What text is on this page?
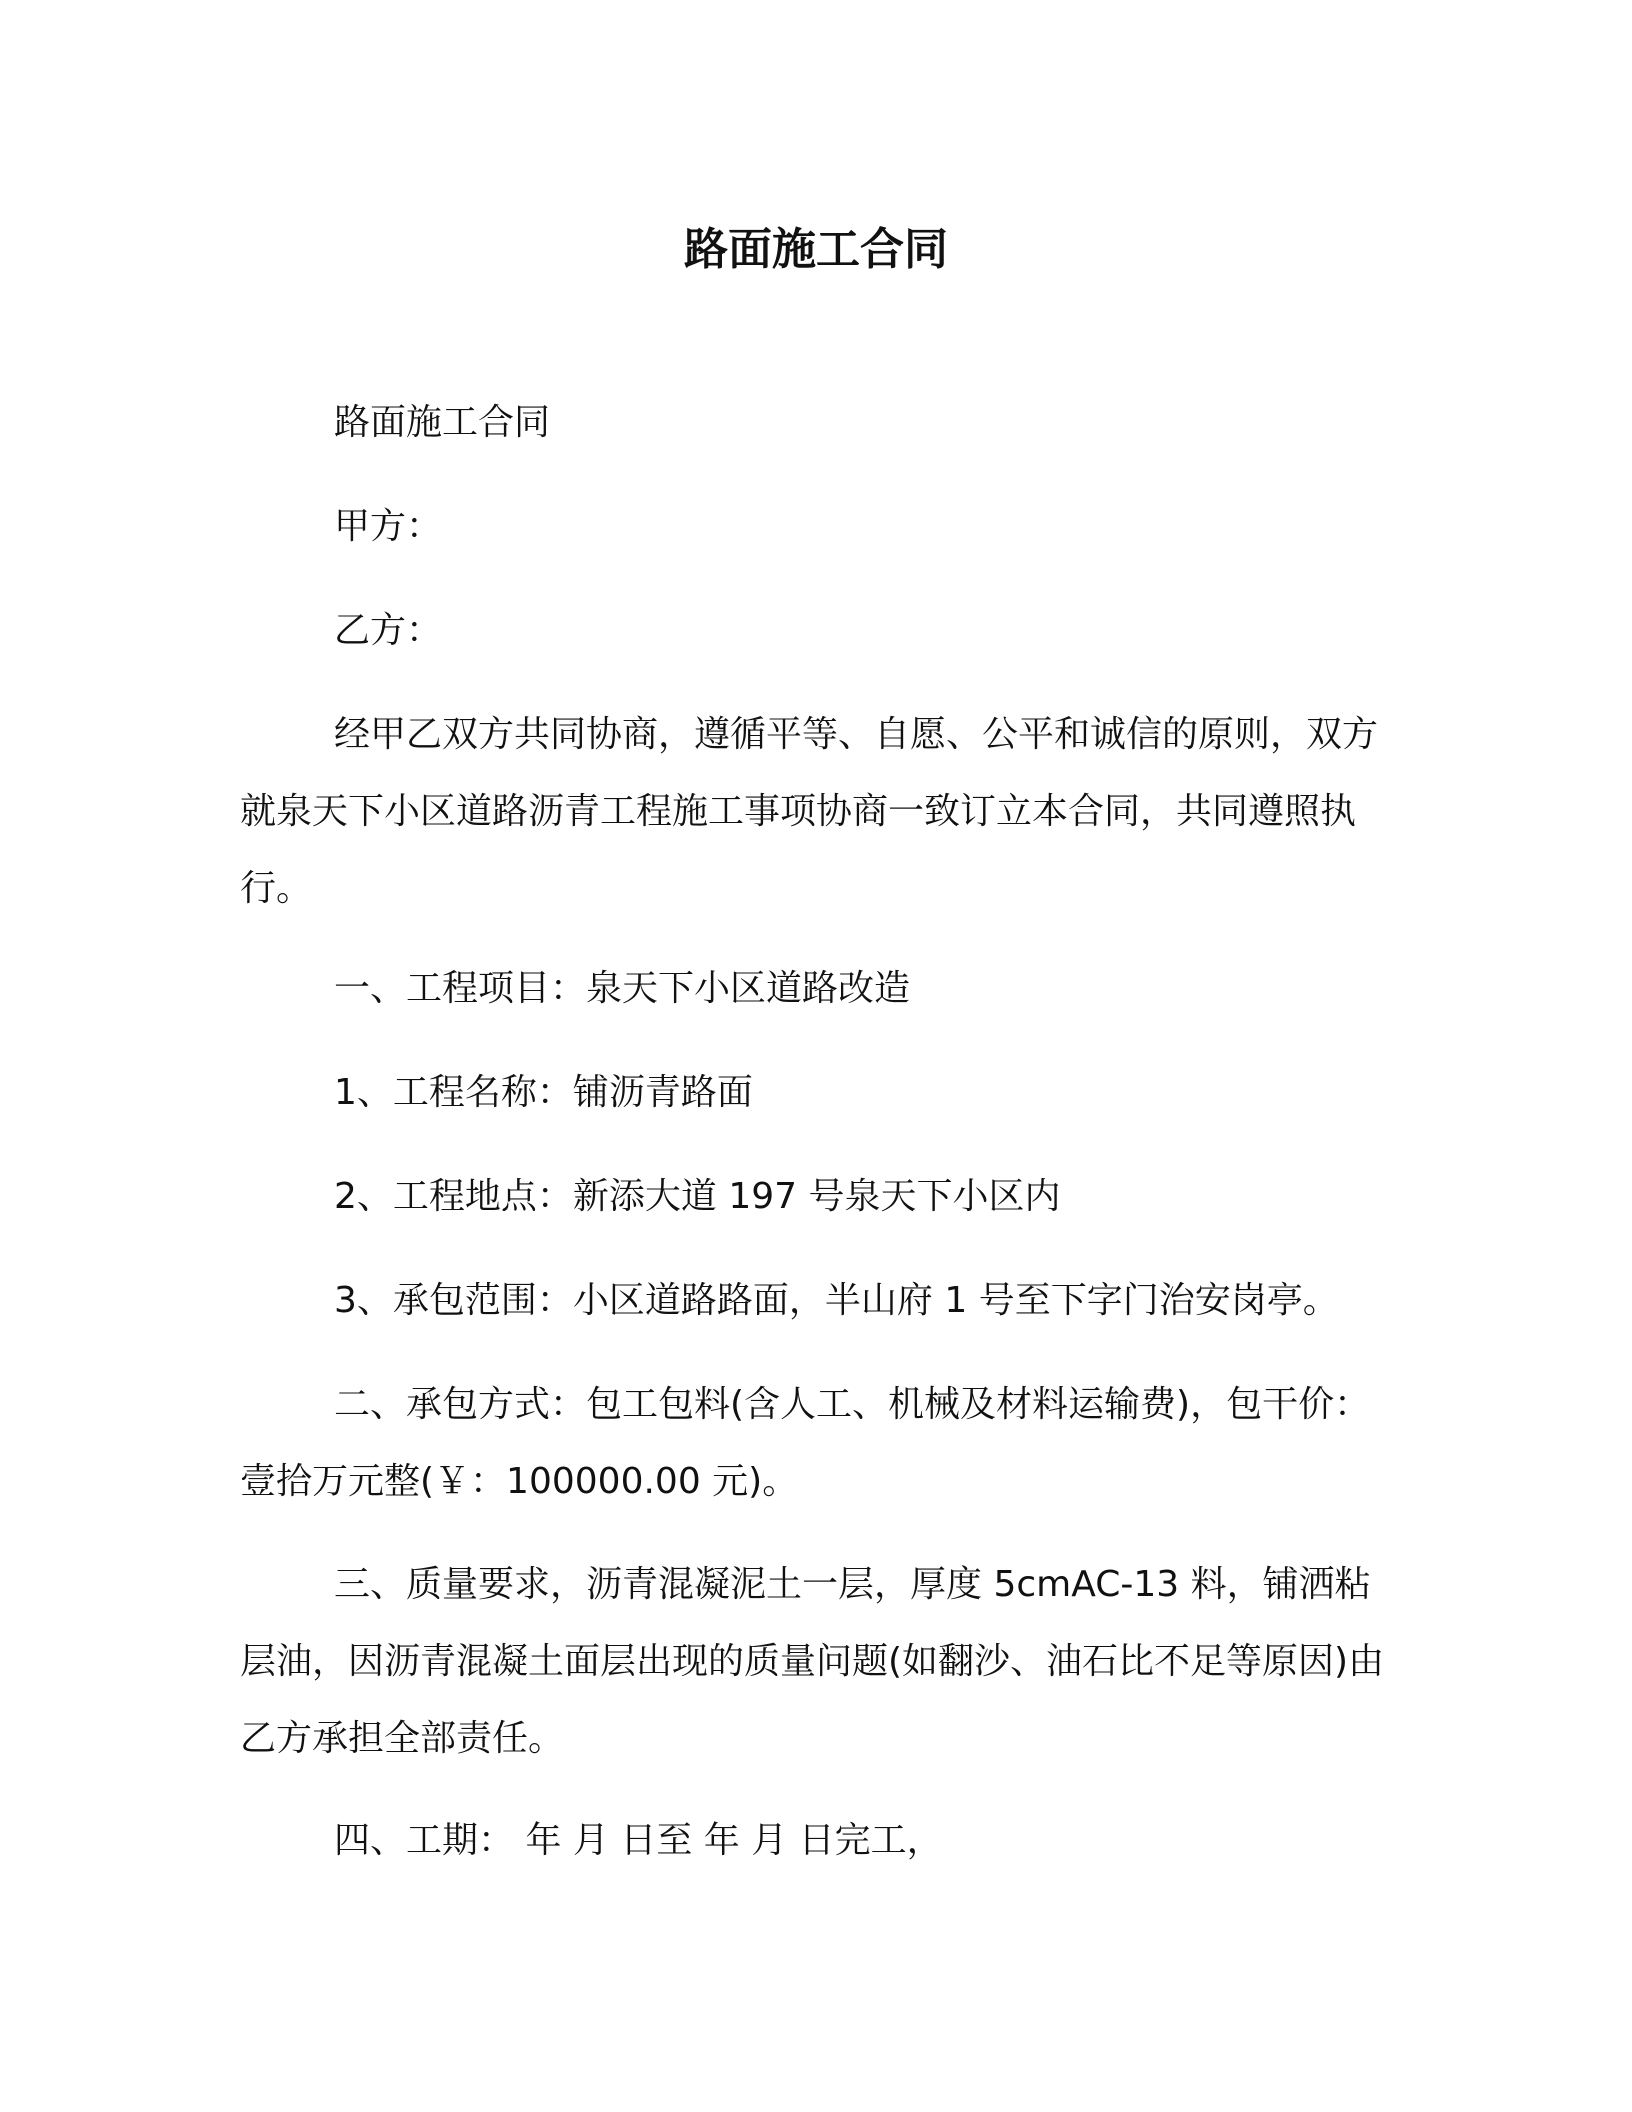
路面施工合同

路面施工合同

甲方：

乙方：

经甲乙双方共同协商，遵循平等、自愿、公平和诚信的原则，双方就泉天下小区道路沥青工程施工事项协商一致订立本合同，共同遵照执行。

一、工程项目：泉天下小区道路改造

1、工程名称：铺沥青路面

2、工程地点：新添大道 197 号泉天下小区内

3、承包范围：小区道路路面，半山府 1 号至下字门治安岗亭。

二、承包方式：包工包料(含人工、机械及材料运输费)，包干价：壹拾万元整(￥：100000.00 元)。

三、质量要求，沥青混凝泥土一层，厚度 5cmAC-13 料，铺洒粘层油，因沥青混凝土面层出现的质量问题(如翻沙、油石比不足等原因)由乙方承担全部责任。

四、工期： 年 月 日至 年 月 日完工，
